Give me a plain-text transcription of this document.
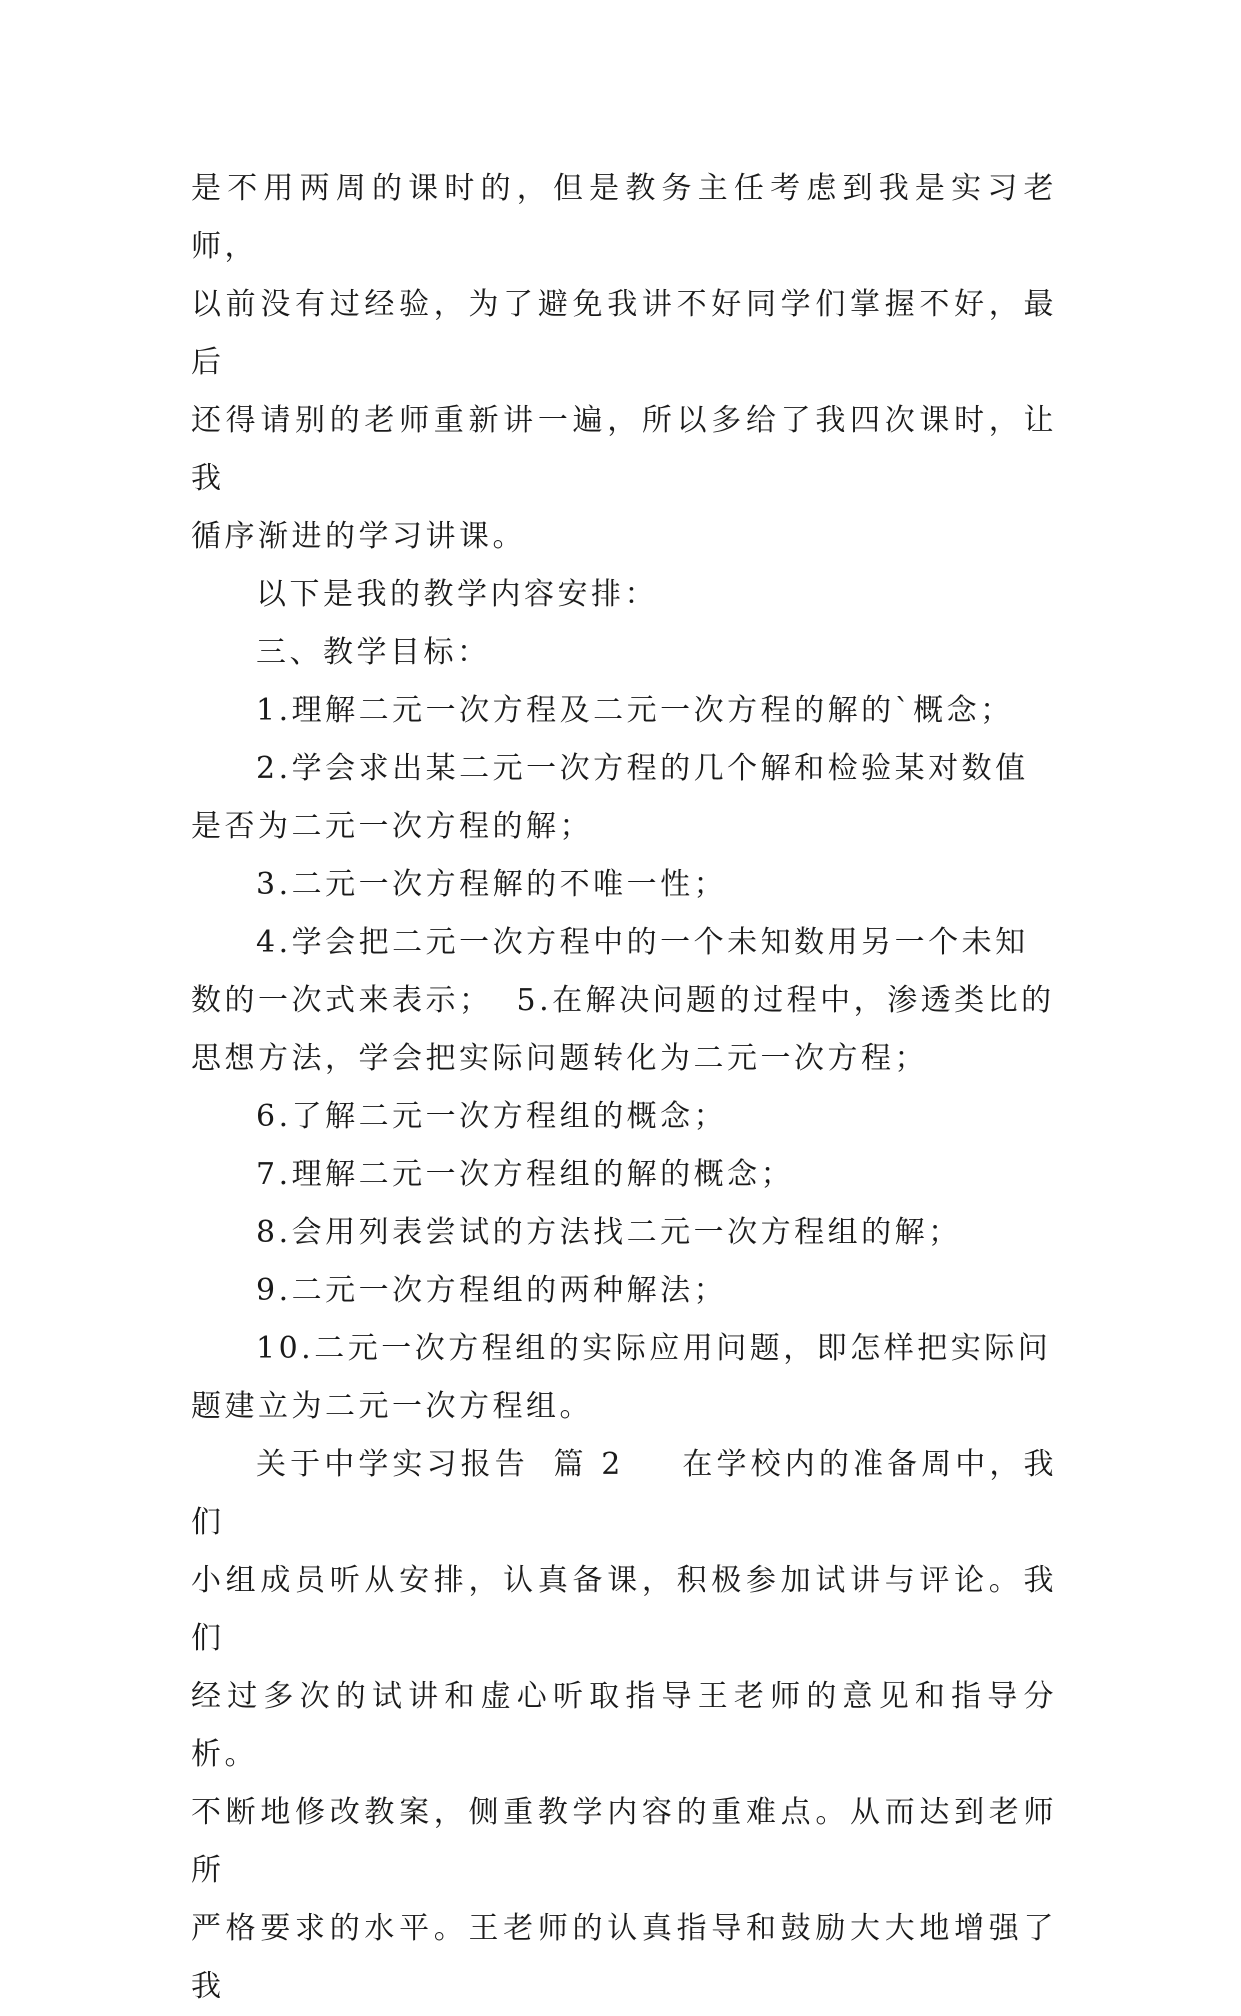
是不用两周的课时的，但是教务主任考虑到我是实习老师，

以前没有过经验，为了避免我讲不好同学们掌握不好，最后

还得请别的老师重新讲一遍，所以多给了我四次课时，让我

循序渐进的学习讲课。

以下是我的教学内容安排：

三、教学目标：

1.理解二元一次方程及二元一次方程的解的`概念；

2.学会求出某二元一次方程的几个解和检验某对数值

是否为二元一次方程的解；

3.二元一次方程解的不唯一性；

4.学会把二元一次方程中的一个未知数用另一个未知

数的一次式来表示； 5.在解决问题的过程中，渗透类比的

思想方法，学会把实际问题转化为二元一次方程；

6.了解二元一次方程组的概念；

7.理解二元一次方程组的解的概念；

8.会用列表尝试的方法找二元一次方程组的解；

9.二元一次方程组的两种解法；

10.二元一次方程组的实际应用问题，即怎样把实际问

题建立为二元一次方程组。

关于中学实习报告 篇 2 在学校内的准备周中，我们

小组成员听从安排，认真备课，积极参加试讲与评论。我们

经过多次的试讲和虚心听取指导王老师的意见和指导分析。

不断地修改教案，侧重教学内容的重难点。从而达到老师所

严格要求的水平。王老师的认真指导和鼓励大大地增强了我
